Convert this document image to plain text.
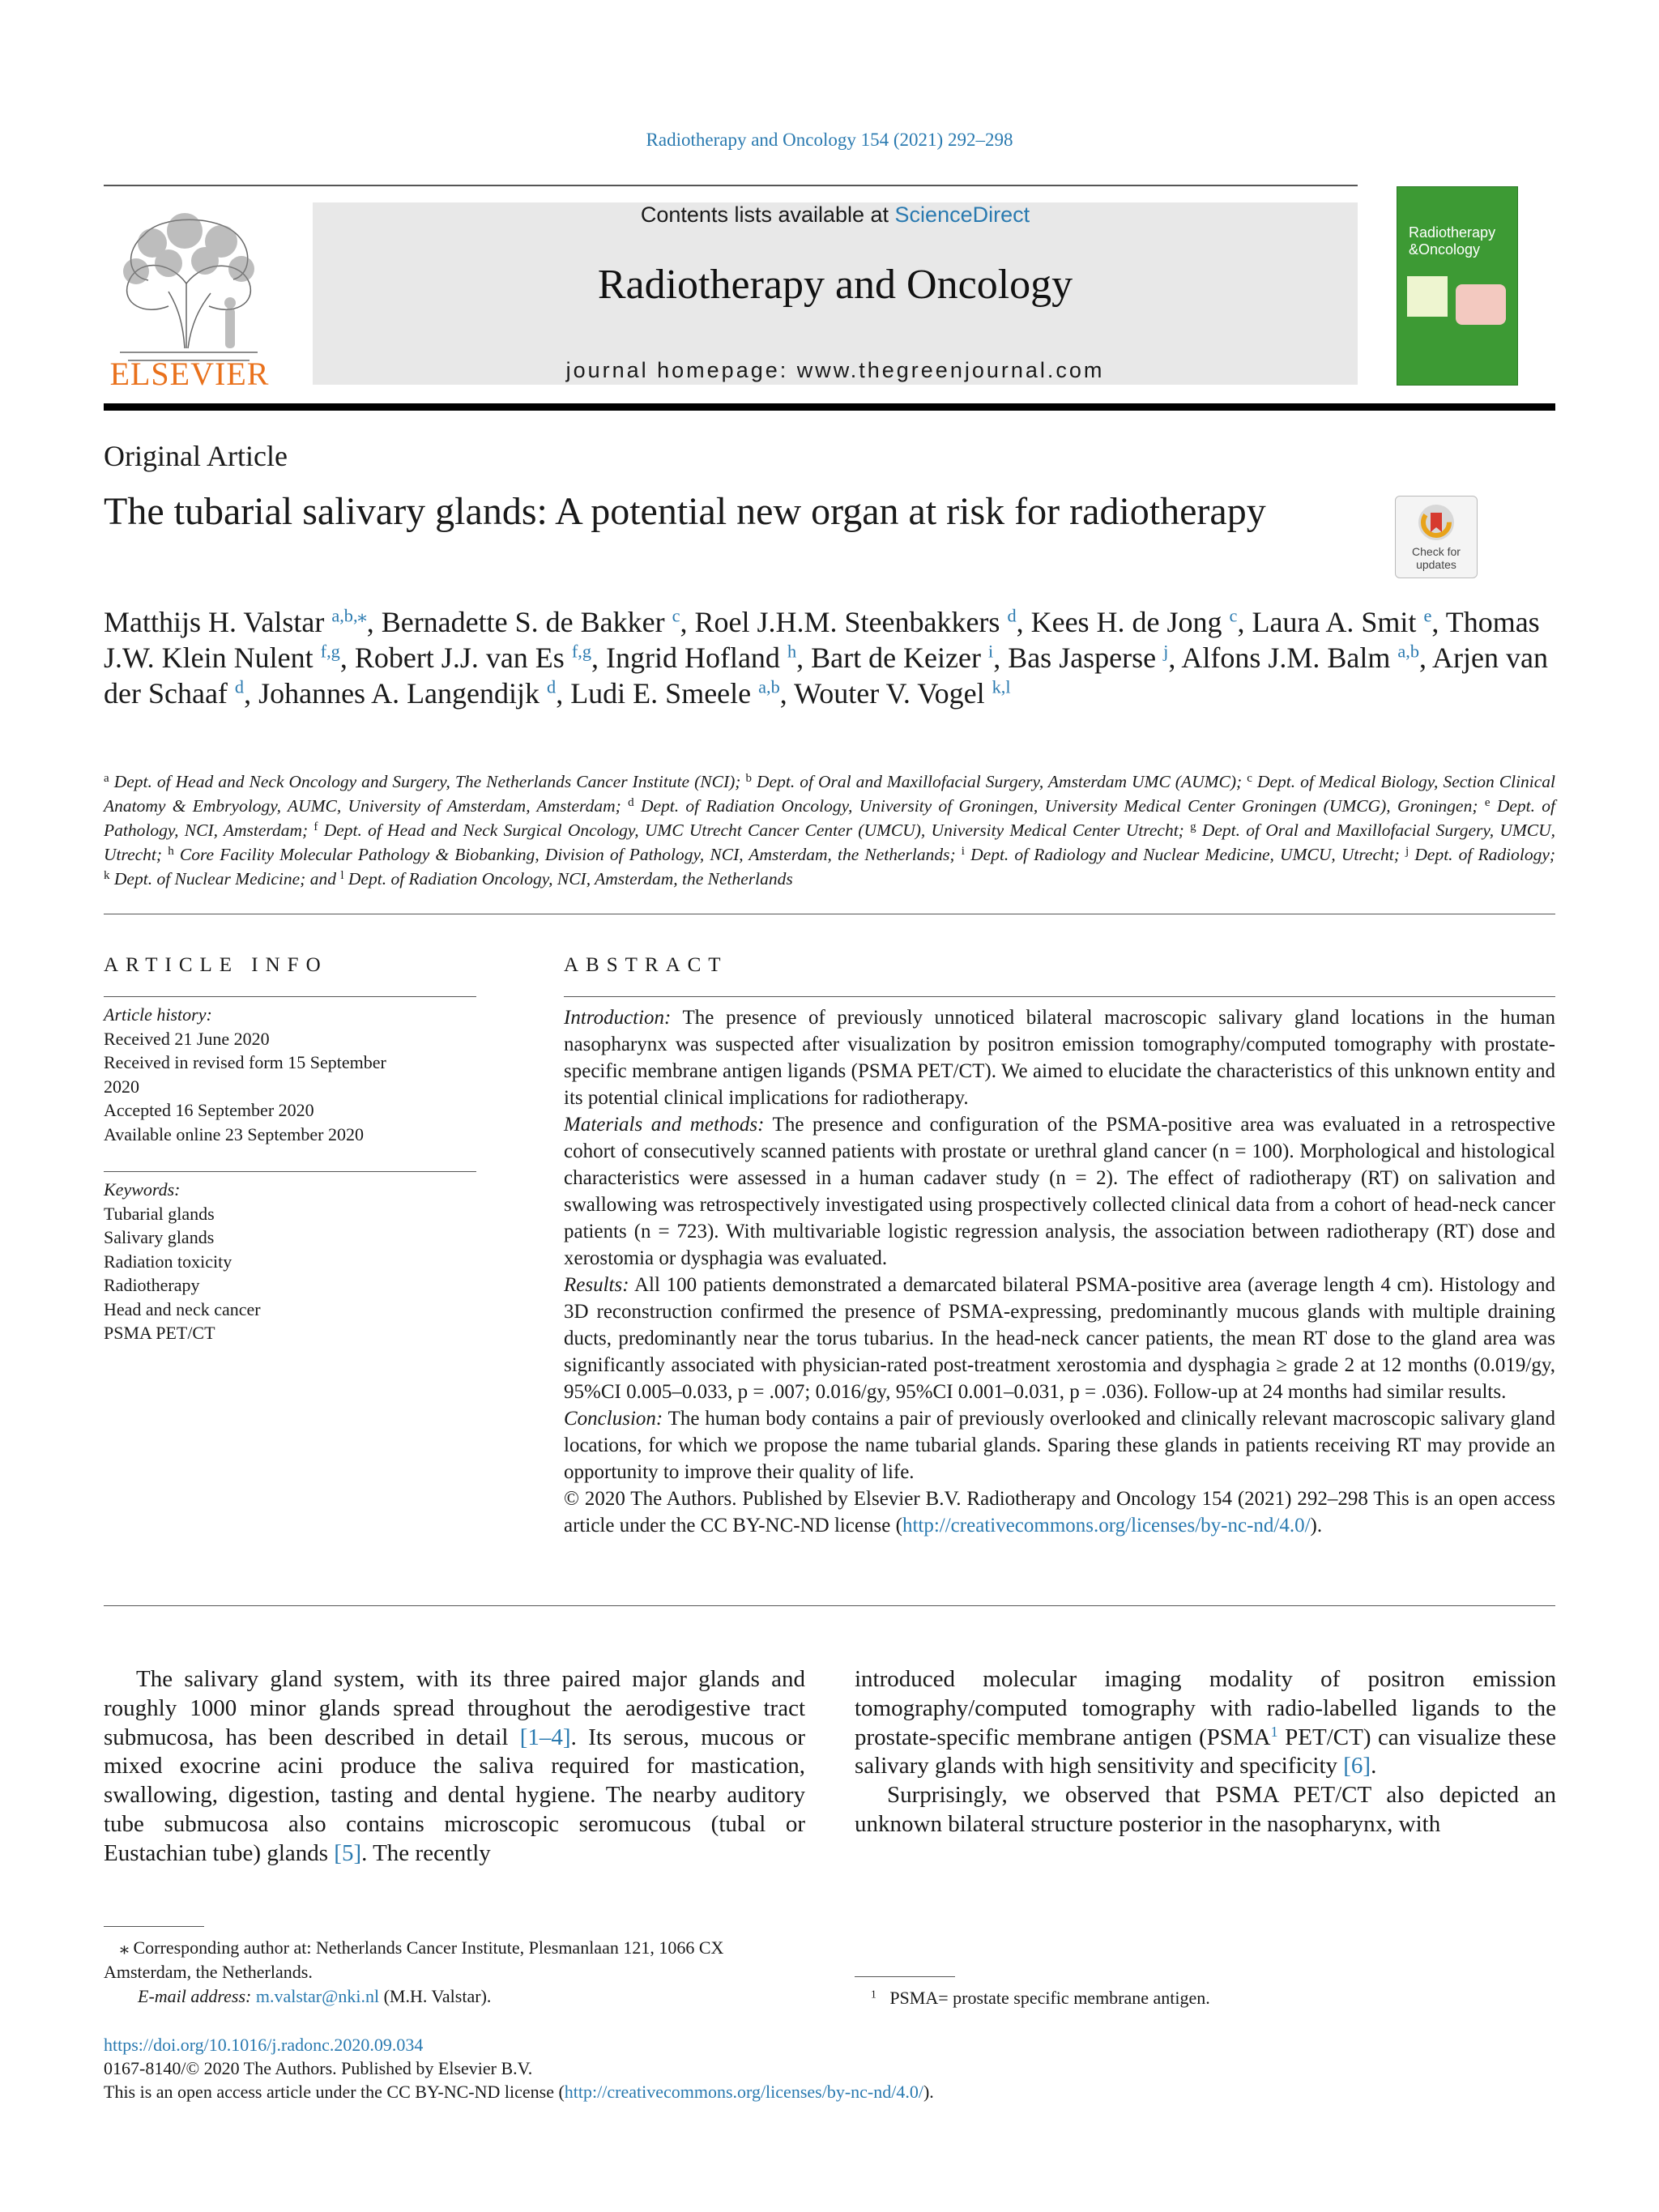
Radiotherapy and Oncology 154 (2021) 292–298
ELSEVIER
Contents lists available at ScienceDirect
Radiotherapy and Oncology
journal homepage: www.thegreenjournal.com
Radiotherapy
&Oncology
Original Article
The tubarial salivary glands: A potential new organ at risk for radiotherapy
Check for
updates
Matthijs H. Valstar $^{a,b,⁎}$, Bernadette S. de Bakker $^c$, Roel J.H.M. Steenbakkers $^d$, Kees H. de Jong $^c$, Laura A. Smit $^e$, Thomas J.W. Klein Nulent $^{f,g}$, Robert J.J. van Es $^{f,g}$, Ingrid Hofland $^h$, Bart de Keizer $^i$, Bas Jasperse $^j$, Alfons J.M. Balm $^{a,b}$, Arjen van der Schaaf $^d$, Johannes A. Langendijk $^d$, Ludi E. Smeele $^{a,b}$, Wouter V. Vogel $^{k,l}$
$^a$ Dept. of Head and Neck Oncology and Surgery, The Netherlands Cancer Institute (NCI); $^b$ Dept. of Oral and Maxillofacial Surgery, Amsterdam UMC (AUMC); $^c$ Dept. of Medical Biology, Section Clinical Anatomy & Embryology, AUMC, University of Amsterdam, Amsterdam; $^d$ Dept. of Radiation Oncology, University of Groningen, University Medical Center Groningen (UMCG), Groningen; $^e$ Dept. of Pathology, NCI, Amsterdam; $^f$ Dept. of Head and Neck Surgical Oncology, UMC Utrecht Cancer Center (UMCU), University Medical Center Utrecht; $^g$ Dept. of Oral and Maxillofacial Surgery, UMCU, Utrecht; $^h$ Core Facility Molecular Pathology & Biobanking, Division of Pathology, NCI, Amsterdam, the Netherlands; $^i$ Dept. of Radiology and Nuclear Medicine, UMCU, Utrecht; $^j$ Dept. of Radiology; $^k$ Dept. of Nuclear Medicine; and $^l$ Dept. of Radiation Oncology, NCI, Amsterdam, the Netherlands
ARTICLE INFO	ABSTRACT
Article history:
Received 21 June 2020
Received in revised form 15 September
2020
Accepted 16 September 2020
Available online 23 September 2020
Keywords:
Tubarial glands
Salivary glands
Radiation toxicity
Radiotherapy
Head and neck cancer
PSMA PET/CT

Introduction: The presence of previously unnoticed bilateral macroscopic salivary gland locations in the human nasopharynx was suspected after visualization by positron emission tomography/computed tomography with prostate-specific membrane antigen ligands (PSMA PET/CT). We aimed to elucidate the characteristics of this unknown entity and its potential clinical implications for radiotherapy.

Materials and methods: The presence and configuration of the PSMA-positive area was evaluated in a retrospective cohort of consecutively scanned patients with prostate or urethral gland cancer (n = 100). Morphological and histological characteristics were assessed in a human cadaver study (n = 2). The effect of radiotherapy (RT) on salivation and swallowing was retrospectively investigated using prospectively collected clinical data from a cohort of head-neck cancer patients (n = 723). With multivariable logistic regression analysis, the association between radiotherapy (RT) dose and xerostomia or dysphagia was evaluated.

Results: All 100 patients demonstrated a demarcated bilateral PSMA-positive area (average length 4 cm). Histology and 3D reconstruction confirmed the presence of PSMA-expressing, predominantly mucous glands with multiple draining ducts, predominantly near the torus tubarius. In the head-neck cancer patients, the mean RT dose to the gland area was significantly associated with physician-rated post-treatment xerostomia and dysphagia ≥ grade 2 at 12 months (0.019/gy, 95%CI 0.005–0.033, p = .007; 0.016/gy, 95%CI 0.001–0.031, p = .036). Follow-up at 24 months had similar results.

Conclusion: The human body contains a pair of previously overlooked and clinically relevant macroscopic salivary gland locations, for which we propose the name tubarial glands. Sparing these glands in patients receiving RT may provide an opportunity to improve their quality of life.

© 2020 The Authors. Published by Elsevier B.V. Radiotherapy and Oncology 154 (2021) 292–298 This is an open access article under the CC BY-NC-ND license (http://creativecommons.org/licenses/by-nc-nd/4.0/).

The salivary gland system, with its three paired major glands and roughly 1000 minor glands spread throughout the aerodigestive tract submucosa, has been described in detail [1–4]. Its serous, mucous or mixed exocrine acini produce the saliva required for mastication, swallowing, digestion, tasting and dental hygiene. The nearby auditory tube submucosa also contains microscopic seromucous (tubal or Eustachian tube) glands [5]. The recently

introduced molecular imaging modality of positron emission tomography/computed tomography with radio-labelled ligands to the prostate-specific membrane antigen (PSMA$^1$ PET/CT) can visualize these salivary glands with high sensitivity and specificity [6].

Surprisingly, we observed that PSMA PET/CT also depicted an unknown bilateral structure posterior in the nasopharynx, with

⁎ Corresponding author at: Netherlands Cancer Institute, Plesmanlaan 121, 1066 CX Amsterdam, the Netherlands.
E-mail address: m.valstar@nki.nl (M.H. Valstar).	$^1$ PSMA= prostate specific membrane antigen.
https://doi.org/10.1016/j.radonc.2020.09.034
0167-8140/© 2020 The Authors. Published by Elsevier B.V.
This is an open access article under the CC BY-NC-ND license (http://creativecommons.org/licenses/by-nc-nd/4.0/).
